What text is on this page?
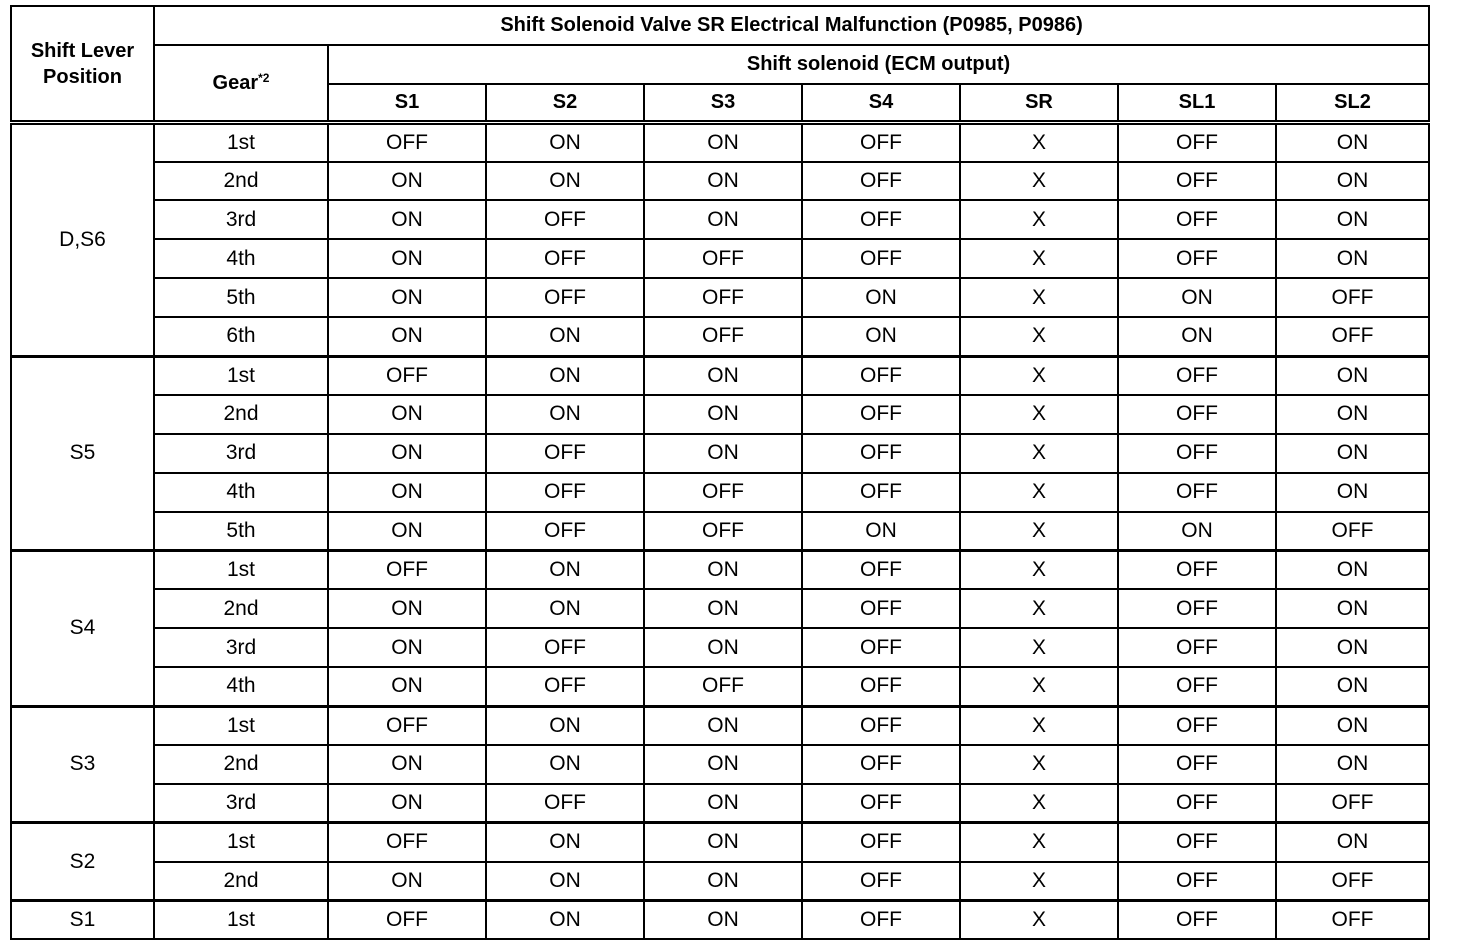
Shift Lever Position	Shift Solenoid Valve SR Electrical Malfunction (P0985, P0986)							
	Gear$^{*2}$	Shift solenoid (ECM output)						
		S1	S2	S3	S4	SR	SL1	SL2
D,S6	1st	OFF	ON	ON	OFF	X	OFF	ON
	2nd	ON	ON	ON	OFF	X	OFF	ON
	3rd	ON	OFF	ON	OFF	X	OFF	ON
	4th	ON	OFF	OFF	OFF	X	OFF	ON
	5th	ON	OFF	OFF	ON	X	ON	OFF
	6th	ON	ON	OFF	ON	X	ON	OFF
S5	1st	OFF	ON	ON	OFF	X	OFF	ON
	2nd	ON	ON	ON	OFF	X	OFF	ON
	3rd	ON	OFF	ON	OFF	X	OFF	ON
	4th	ON	OFF	OFF	OFF	X	OFF	ON
	5th	ON	OFF	OFF	ON	X	ON	OFF
S4	1st	OFF	ON	ON	OFF	X	OFF	ON
	2nd	ON	ON	ON	OFF	X	OFF	ON
	3rd	ON	OFF	ON	OFF	X	OFF	ON
	4th	ON	OFF	OFF	OFF	X	OFF	ON
S3	1st	OFF	ON	ON	OFF	X	OFF	ON
	2nd	ON	ON	ON	OFF	X	OFF	ON
	3rd	ON	OFF	ON	OFF	X	OFF	OFF
S2	1st	OFF	ON	ON	OFF	X	OFF	ON
	2nd	ON	ON	ON	OFF	X	OFF	OFF
S1	1st	OFF	ON	ON	OFF	X	OFF	OFF
